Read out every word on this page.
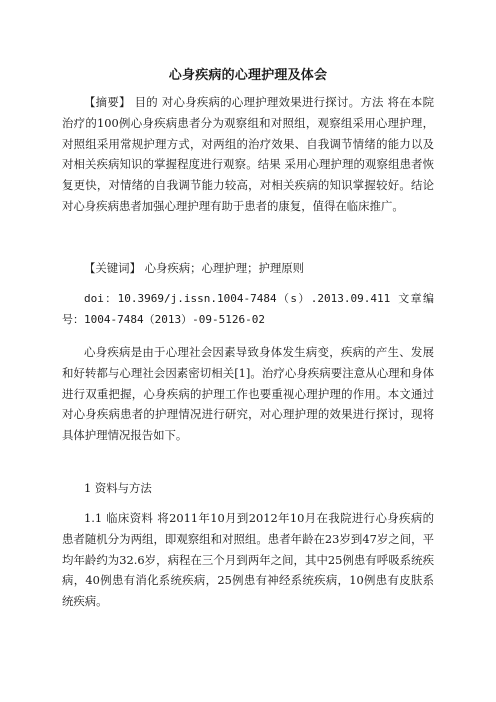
心身疾病的心理护理及体会
【摘要】 目的 对心身疾病的心理护理效果进行探讨。方法 将在本院治疗的100例心身疾病患者分为观察组和对照组，观察组采用心理护理，对照组采用常规护理方式，对两组的治疗效果、自我调节情绪的能力以及对相关疾病知识的掌握程度进行观察。结果 采用心理护理的观察组患者恢复更快，对情绪的自我调节能力较高，对相关疾病的知识掌握较好。结论 对心身疾病患者加强心理护理有助于患者的康复，值得在临床推广。
【关键词】 心身疾病；心理护理；护理原则
doi：10.3969/j.issn.1004-7484（s）.2013.09.411 文章编号：1004-7484（2013）-09-5126-02
心身疾病是由于心理社会因素导致身体发生病变，疾病的产生、发展和好转都与心理社会因素密切相关[1]。治疗心身疾病要注意从心理和身体进行双重把握，心身疾病的护理工作也要重视心理护理的作用。本文通过对心身疾病患者的护理情况进行研究，对心理护理的效果进行探讨，现将具体护理情况报告如下。
1 资料与方法
1.1 临床资料 将2011年10月到2012年10月在我院进行心身疾病的患者随机分为两组，即观察组和对照组。患者年龄在23岁到47岁之间，平均年龄约为32.6岁，病程在三个月到两年之间，其中25例患有呼吸系统疾病，40例患有消化系统疾病，25例患有神经系统疾病，10例患有皮肤系统疾病。
